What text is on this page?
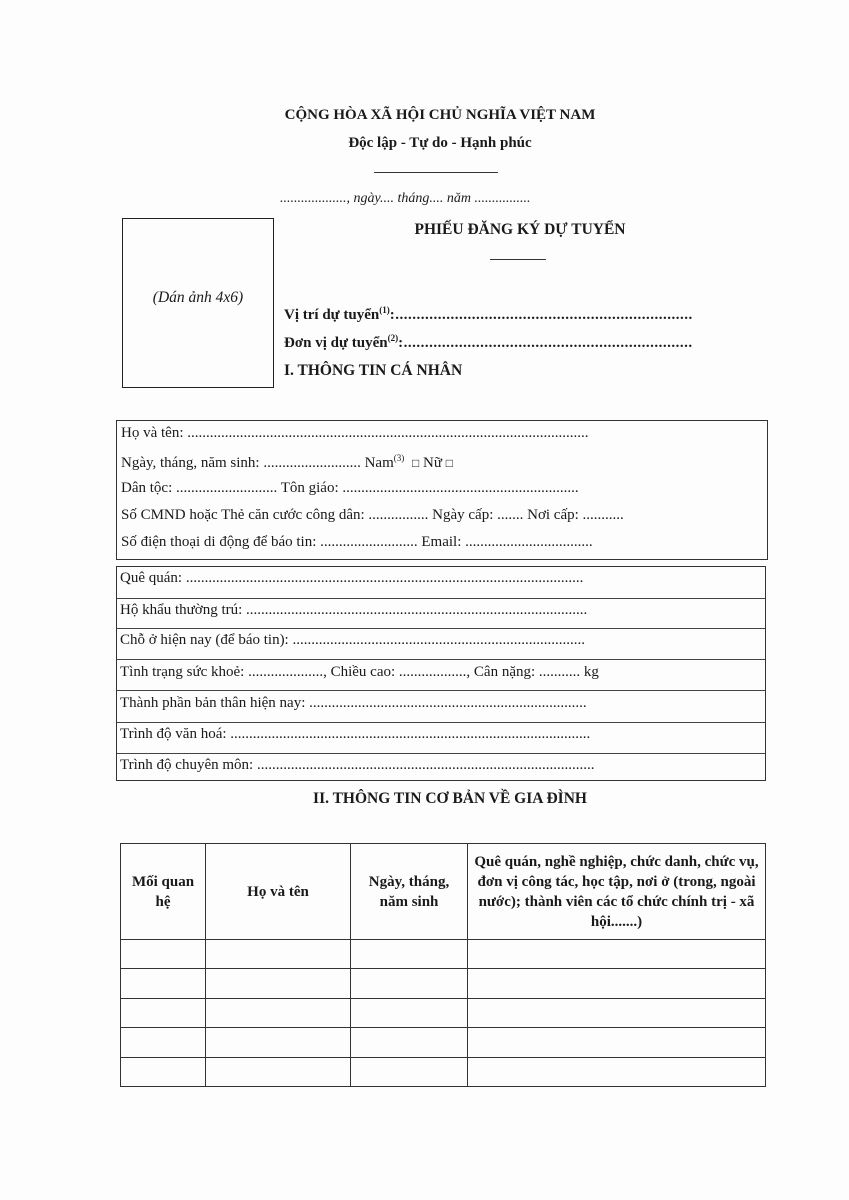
CỘNG HÒA XÃ HỘI CHỦ NGHĨA VIỆT NAM
Độc lập - Tự do - Hạnh phúc
..................., ngày.... tháng.... năm ................
(Dán ảnh 4x6)
PHIẾU ĐĂNG KÝ DỰ TUYỂN
Vị trí dự tuyển$^{(1)}$:......................................................................
Đơn vị dự tuyển$^{(2)}$:....................................................................
I. THÔNG TIN CÁ NHÂN
Họ và tên: ...........................................................................................................
Ngày, tháng, năm sinh: .......................... Nam$^{(3)}$ □ Nữ □
Dân tộc: ........................... Tôn giáo: ...............................................................
Số CMND hoặc Thẻ căn cước công dân: ................ Ngày cấp: ....... Nơi cấp: ...........
Số điện thoại di động để báo tin: .......................... Email: ..................................
Quê quán: ..........................................................................................................
Hộ khẩu thường trú: ...........................................................................................
Chỗ ở hiện nay (để báo tin): ..............................................................................
Tình trạng sức khoẻ: ...................., Chiều cao: .................., Cân nặng: ........... kg
Thành phần bản thân hiện nay: ..........................................................................
Trình độ văn hoá: ................................................................................................
Trình độ chuyên môn: ..........................................................................................
II. THÔNG TIN CƠ BẢN VỀ GIA ĐÌNH
Mối quan hệ	Họ và tên	Ngày, tháng, năm sinh	Quê quán, nghề nghiệp, chức danh, chức vụ, đơn vị công tác, học tập, nơi ở (trong, ngoài nước); thành viên các tổ chức chính trị - xã hội.......)
